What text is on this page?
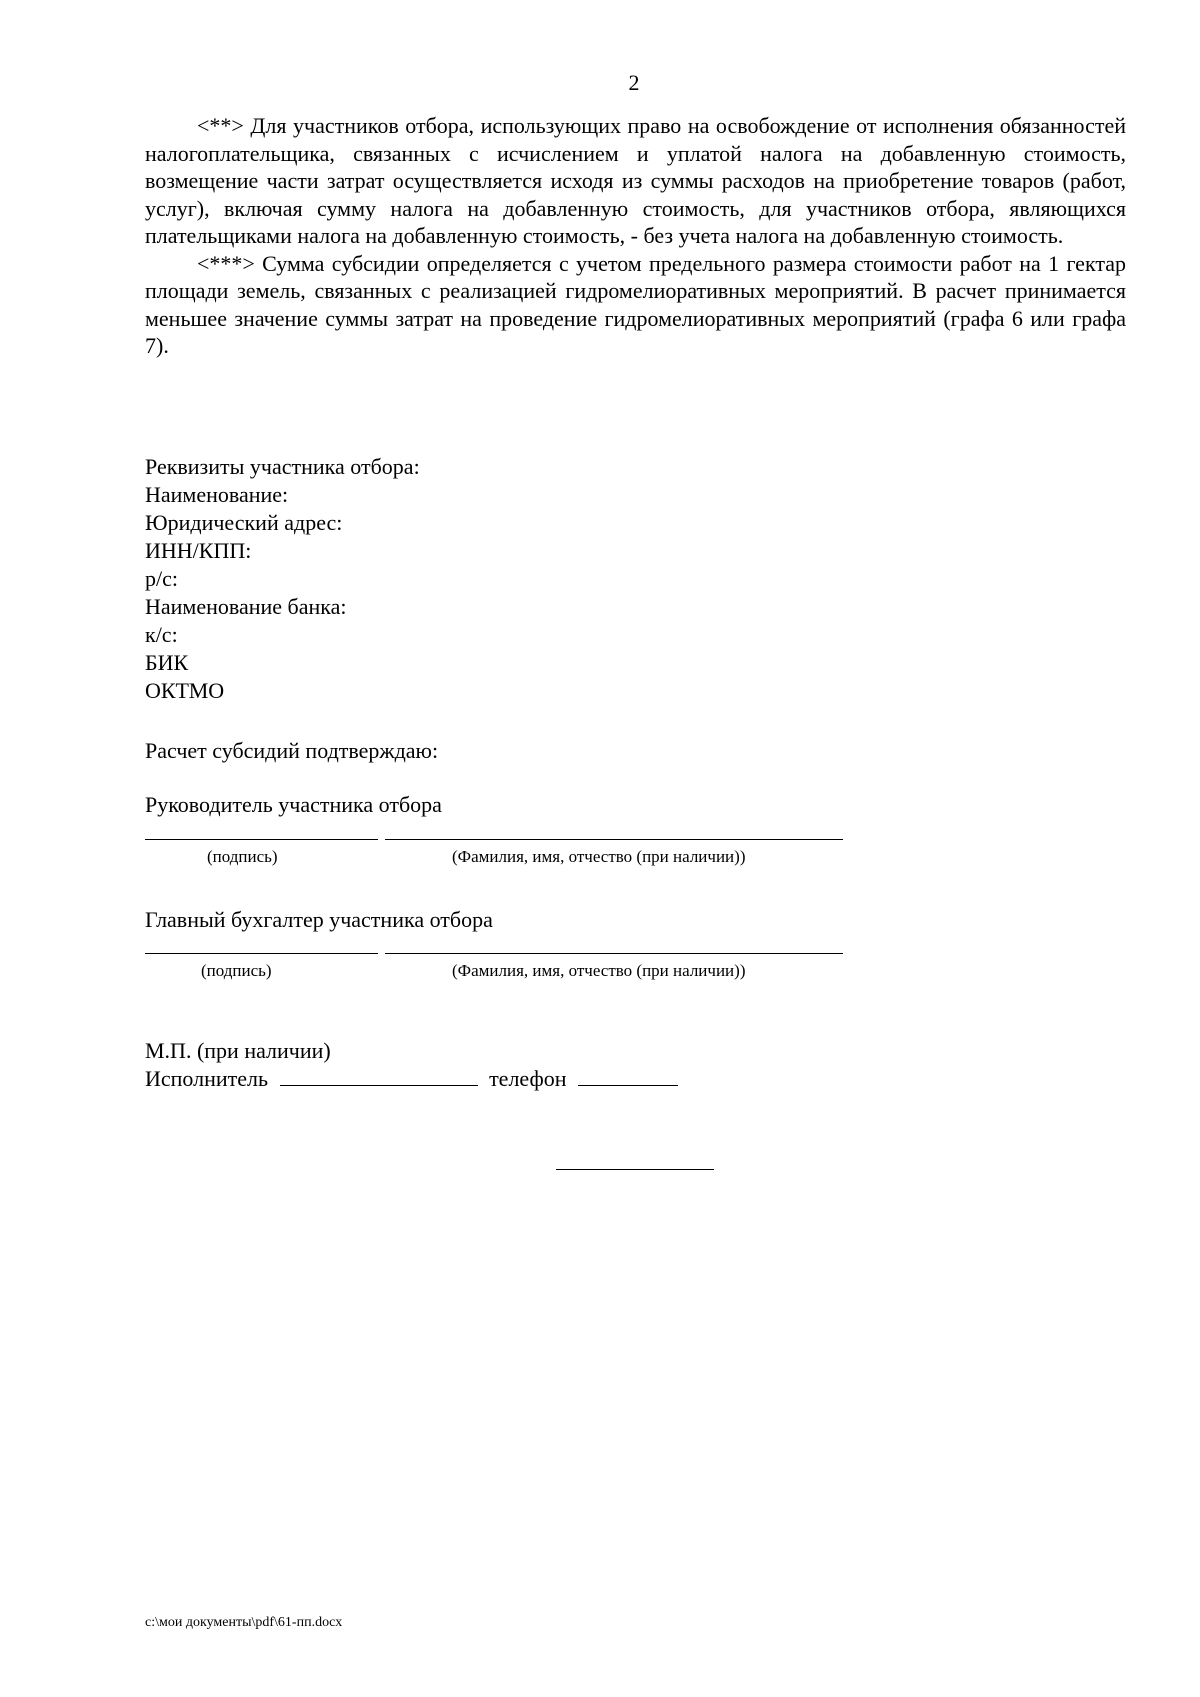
2

<**> Для участников отбора, использующих право на освобождение от исполнения обязанностей налогоплательщика, связанных с исчислением и уплатой налога на добавленную стоимость, возмещение части затрат осуществляется исходя из суммы расходов на приобретение товаров (работ, услуг), включая сумму налога на добавленную стоимость, для участников отбора, являющихся плательщиками налога на добавленную стоимость, - без учета налога на добавленную стоимость.

<***> Сумма субсидии определяется с учетом предельного размера стоимости работ на 1 гектар площади земель, связанных с реализацией гидромелиоративных мероприятий. В расчет принимается меньшее значение суммы затрат на проведение гидромелиоративных мероприятий (графа 6 или графа 7).

Реквизиты участника отбора:
Наименование:
Юридический адрес:
ИНН/КПП:
р/с:
Наименование банка:
к/с:
БИК
ОКТМО
Расчет субсидий подтверждаю:
Руководитель участника отбора
(подпись)	(Фамилия, имя, отчество (при наличии))
Главный бухгалтер участника отбора
(подпись)	(Фамилия, имя, отчество (при наличии))
М.П. (при наличии)
Исполнитель	телефон
c:\мои документы\pdf\61-пп.docx
